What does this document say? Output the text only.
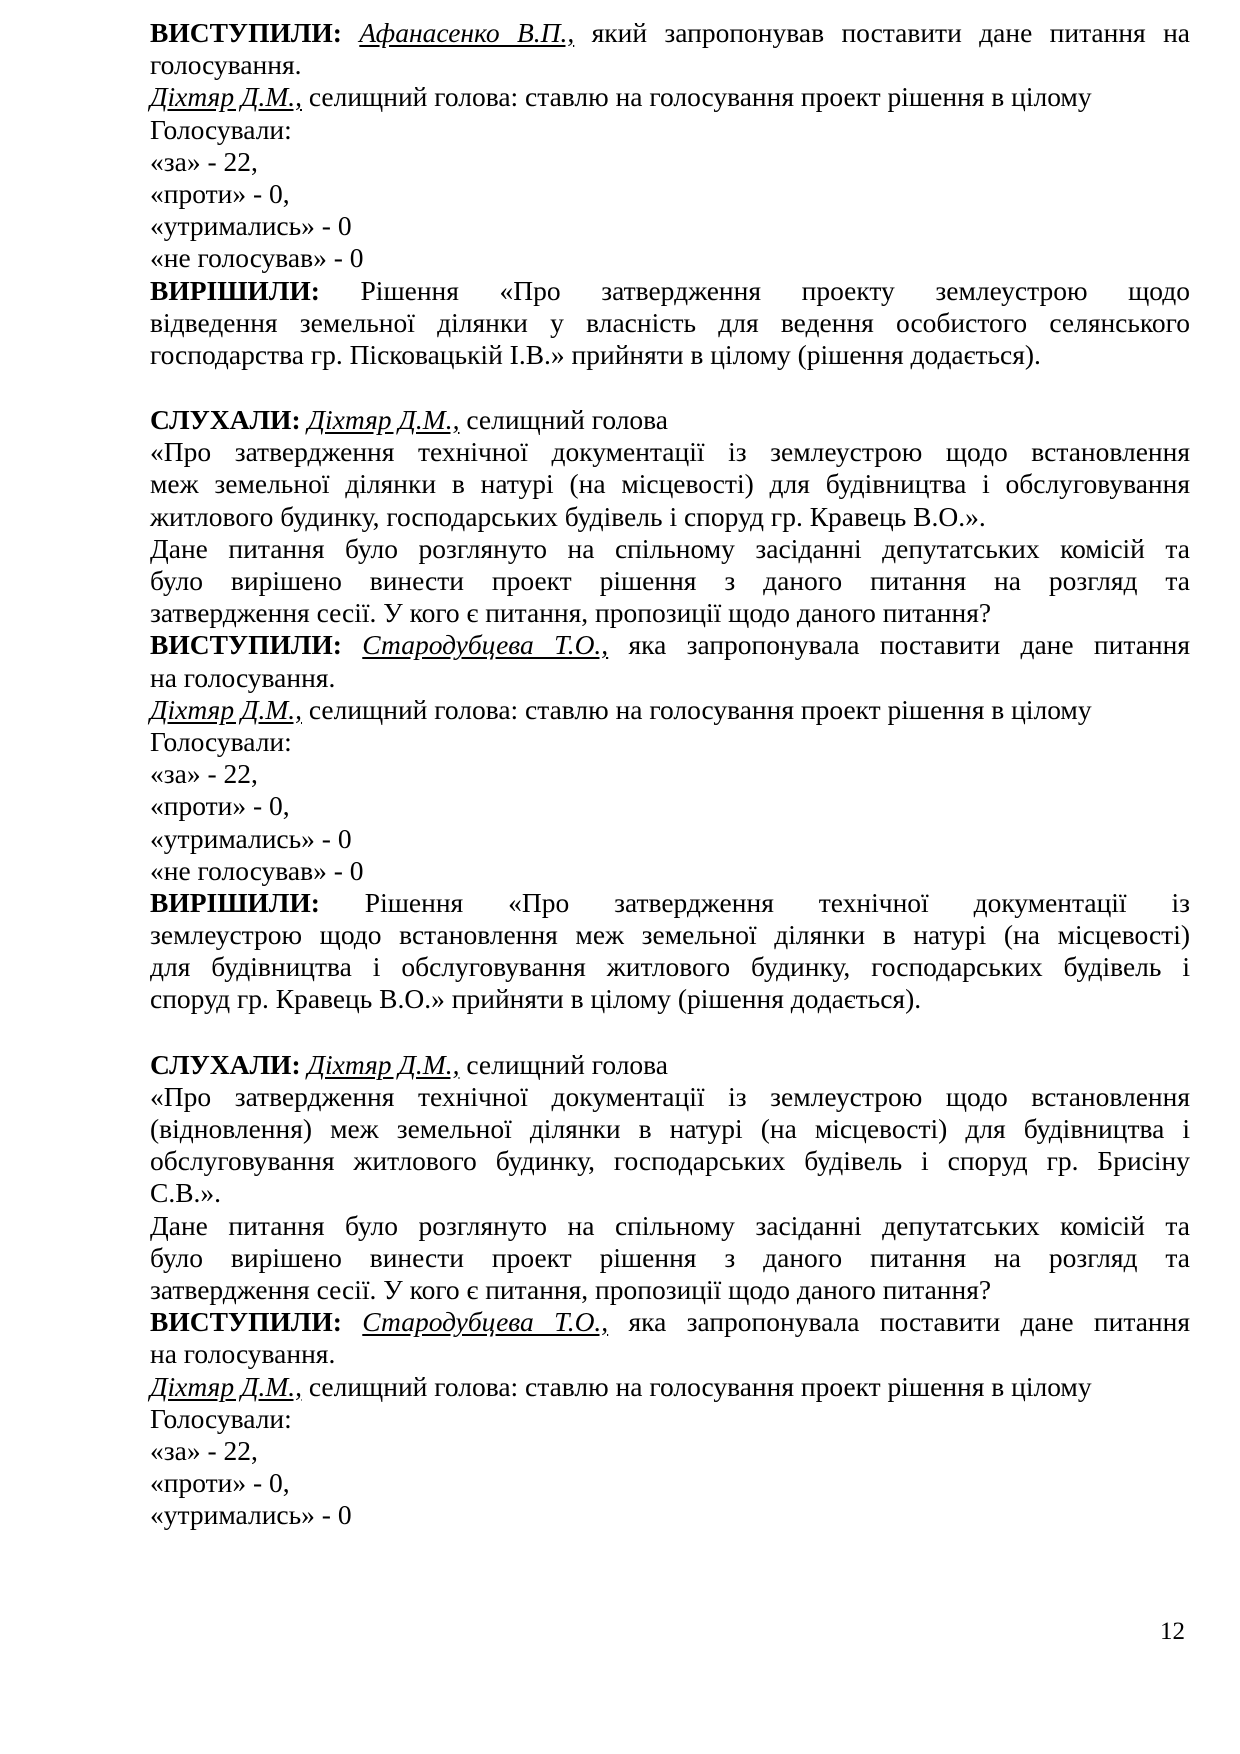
ВИСТУПИЛИ: Афанасенко В.П., який запропонував поставити дане питання на
голосування.
Діхтяр Д.М., селищний голова: ставлю на голосування проект рішення в цілому
Голосували:
«за» - 22,
«проти» - 0,
«утримались» - 0
«не голосував» - 0
ВИРІШИЛИ: Рішення «Про затвердження проекту землеустрою щодо
відведення земельної ділянки у власність для ведення особистого селянського
господарства гр. Пісковацькій І.В.» прийняти в цілому (рішення додається).
СЛУХАЛИ: Діхтяр Д.М., селищний голова
«Про затвердження технічної документації із землеустрою щодо встановлення
меж земельної ділянки в натурі (на місцевості) для будівництва і обслуговування
житлового будинку, господарських будівель і споруд гр. Кравець В.О.».
Дане питання було розглянуто на спільному засіданні депутатських комісій та
було вирішено винести проект рішення з даного питання на розгляд та
затвердження сесії. У кого є питання, пропозиції щодо даного питання?
ВИСТУПИЛИ: Стародубцева Т.О., яка запропонувала поставити дане питання
на голосування.
Діхтяр Д.М., селищний голова: ставлю на голосування проект рішення в цілому
Голосували:
«за» - 22,
«проти» - 0,
«утримались» - 0
«не голосував» - 0
ВИРІШИЛИ: Рішення «Про затвердження технічної документації із
землеустрою щодо встановлення меж земельної ділянки в натурі (на місцевості)
для будівництва і обслуговування житлового будинку, господарських будівель і
споруд гр. Кравець В.О.» прийняти в цілому (рішення додається).
СЛУХАЛИ: Діхтяр Д.М., селищний голова
«Про затвердження технічної документації із землеустрою щодо встановлення
(відновлення) меж земельної ділянки в натурі (на місцевості) для будівництва і
обслуговування житлового будинку, господарських будівель і споруд гр. Брисіну
С.В.».
Дане питання було розглянуто на спільному засіданні депутатських комісій та
було вирішено винести проект рішення з даного питання на розгляд та
затвердження сесії. У кого є питання, пропозиції щодо даного питання?
ВИСТУПИЛИ: Стародубцева Т.О., яка запропонувала поставити дане питання
на голосування.
Діхтяр Д.М., селищний голова: ставлю на голосування проект рішення в цілому
Голосували:
«за» - 22,
«проти» - 0,
«утримались» - 0
12
